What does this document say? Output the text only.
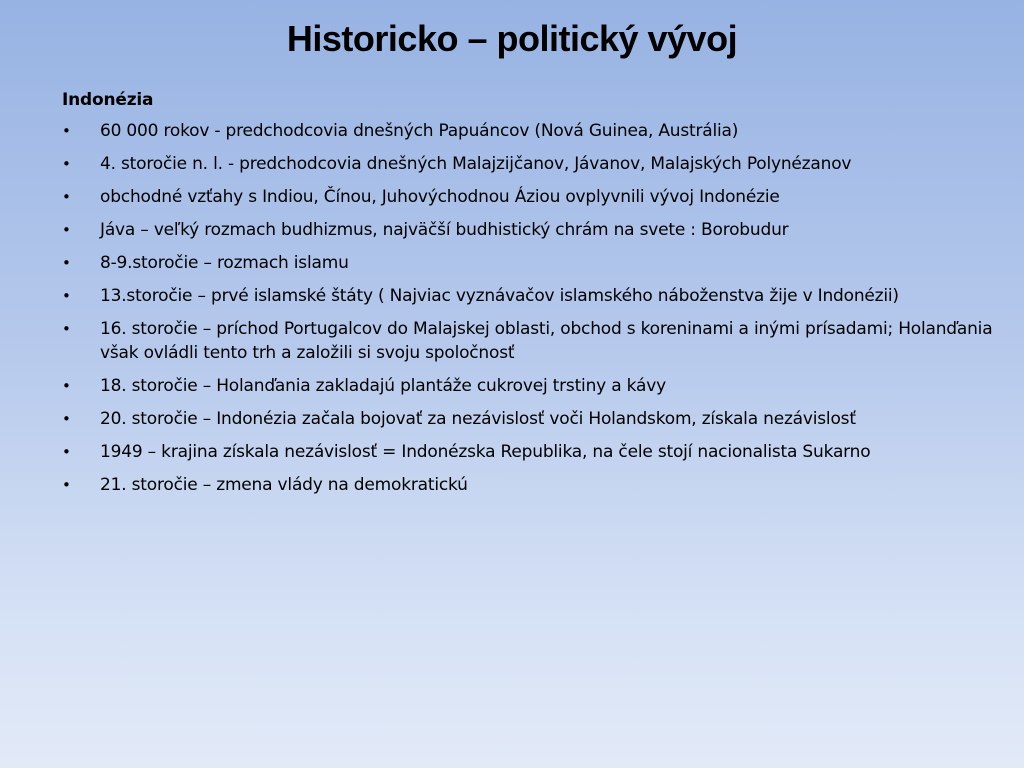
Historicko – politický vývoj
Indonézia
•	60 000 rokov - predchodcovia dnešných Papuáncov (Nová Guinea, Austrália)
•	4. storočie n. l. - predchodcovia dnešných Malajzijčanov, Jávanov, Malajských Polynézanov
•	obchodné vzťahy s Indiou, Čínou, Juhovýchodnou Áziou ovplyvnili vývoj Indonézie
•	Jáva – veľký rozmach budhizmus, najväčší budhistický chrám na svete : Borobudur
•	8-9.storočie – rozmach islamu
•	13.storočie – prvé islamské štáty ( Najviac vyznávačov islamského náboženstva žije v Indonézii)
•	16. storočie – príchod Portugalcov do Malajskej oblasti, obchod s koreninami a inými prísadami; Holanďania však ovládli tento trh a založili si svoju spoločnosť
•	18. storočie – Holanďania zakladajú plantáže cukrovej trstiny a kávy
•	20. storočie – Indonézia začala bojovať za nezávislosť voči Holandskom, získala nezávislosť
•	1949 – krajina získala nezávislosť = Indonézska Republika, na čele stojí nacionalista Sukarno
•	21. storočie – zmena vlády na demokratickú
